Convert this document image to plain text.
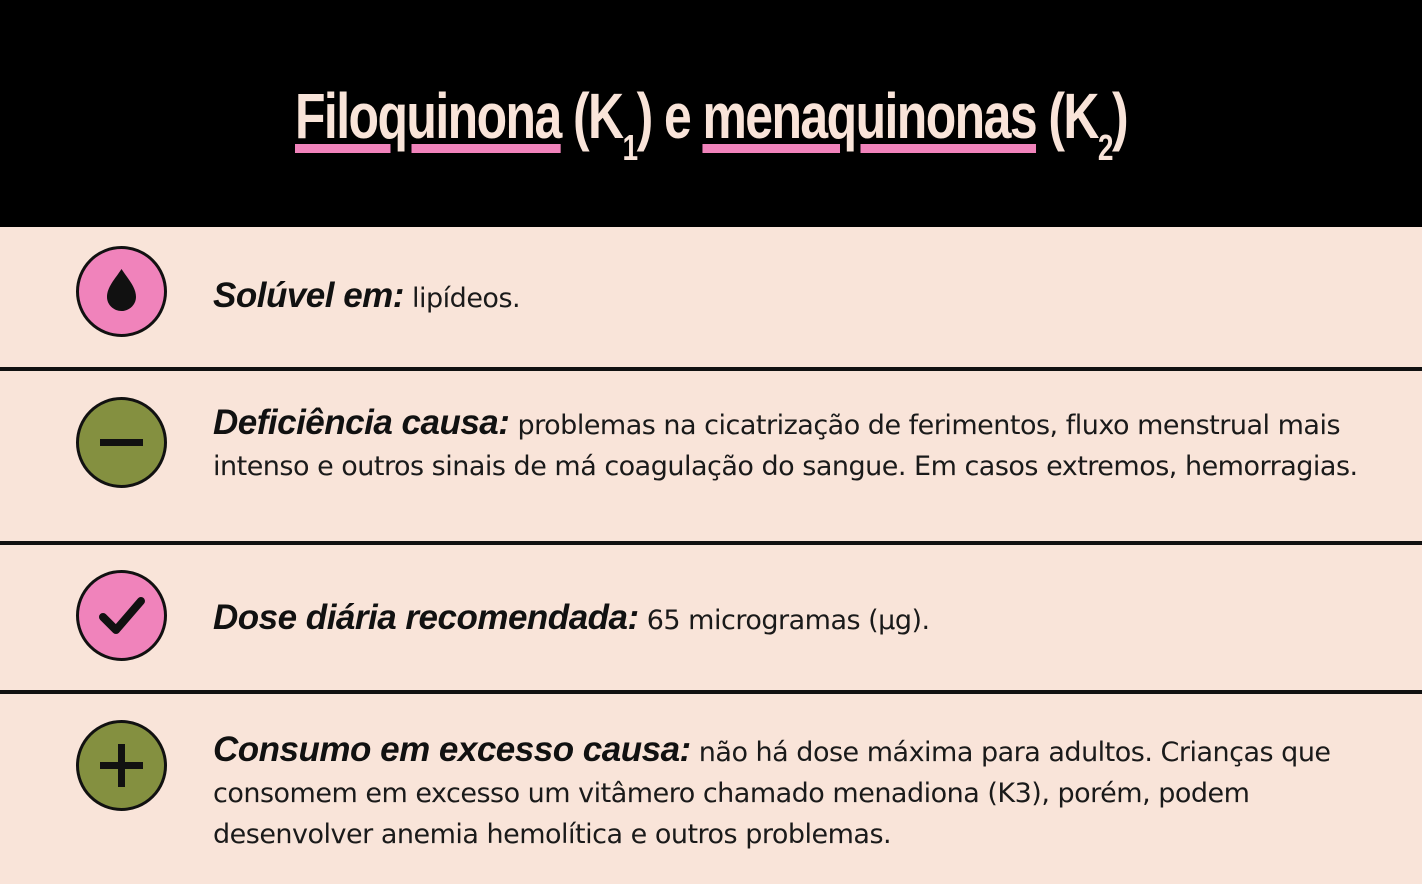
Filoquinona $(K_1)$ e menaquinonas $(K_2)$
Solúvel em: lipídeos.
Deficiência causa: problemas na cicatrização de ferimentos, fluxo menstrual mais intenso e outros sinais de má coagulação do sangue. Em casos extremos, hemorragias.
Dose diária recomendada: 65 microgramas (µg).
Consumo em excesso causa: não há dose máxima para adultos. Crianças que consomem em excesso um vitâmero chamado menadiona (K3), porém, podem desenvolver anemia hemolítica e outros problemas.
